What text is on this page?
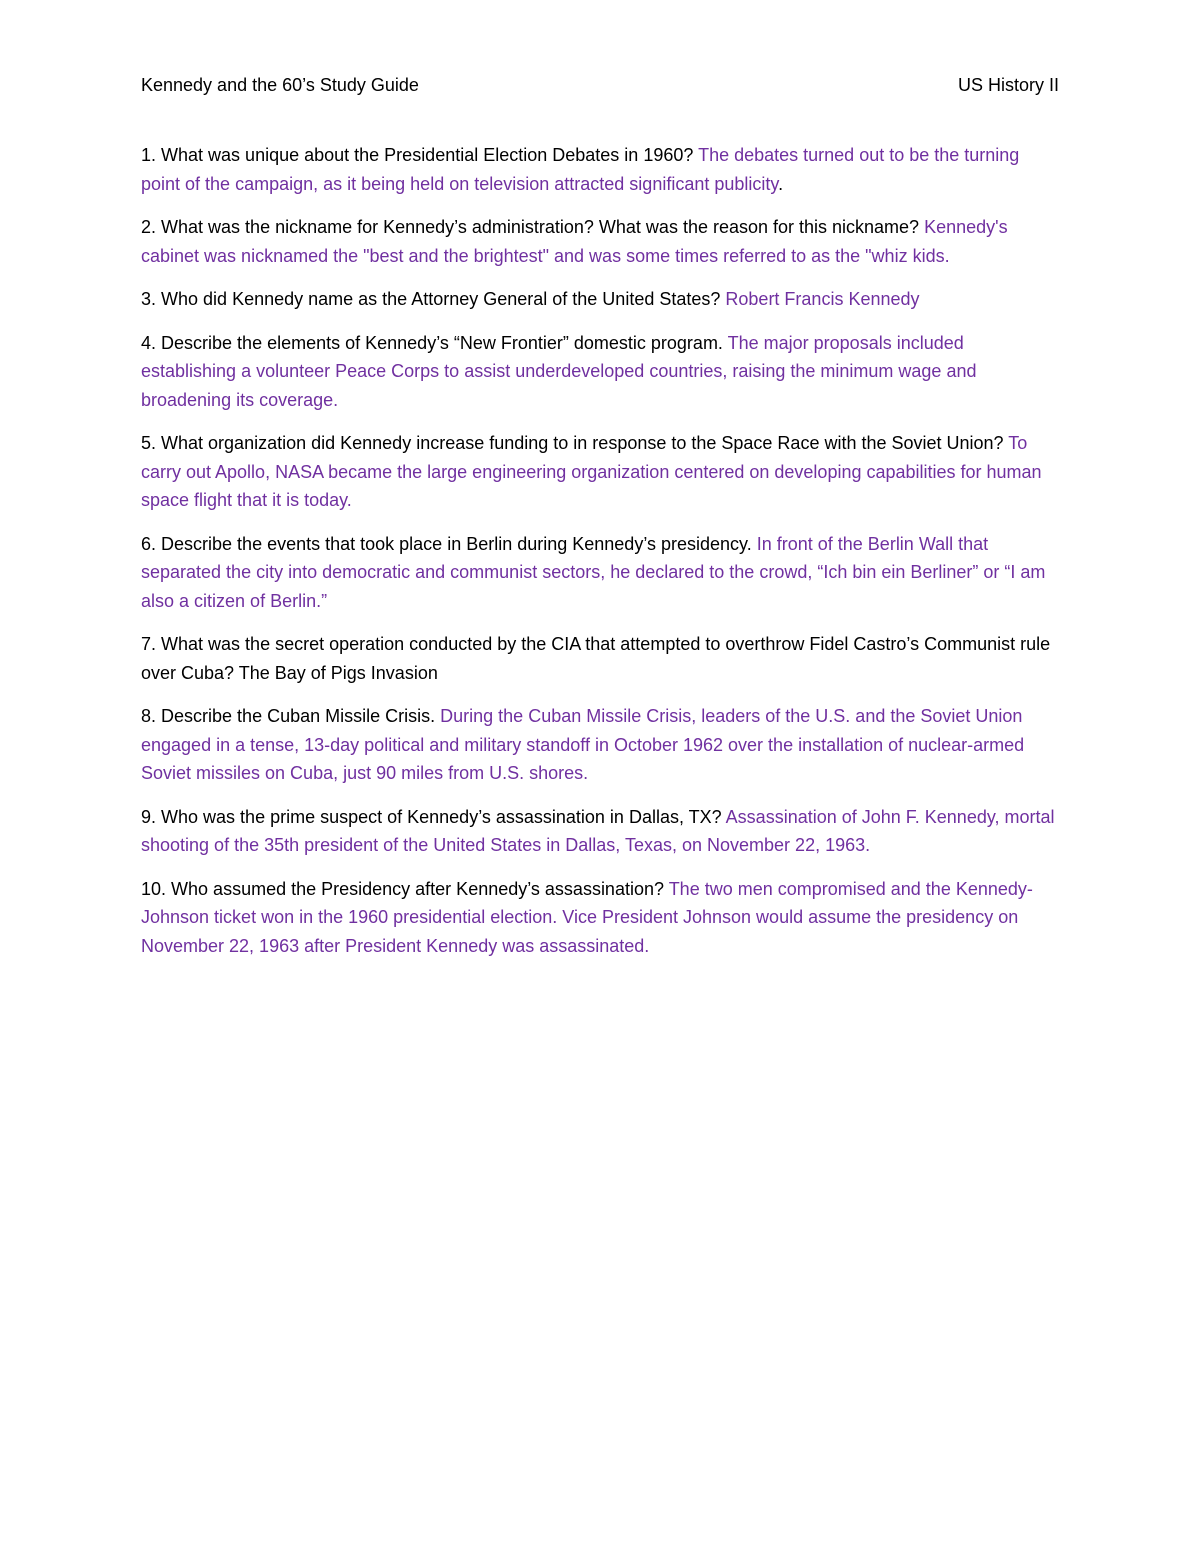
Kennedy and the 60’s Study Guide	US History II

1. What was unique about the Presidential Election Debates in 1960? The debates turned out to be the turning point of the campaign, as it being held on television attracted significant publicity.

2. What was the nickname for Kennedy’s administration? What was the reason for this nickname? Kennedy's cabinet was nicknamed the "best and the brightest" and was some times referred to as the "whiz kids.

3. Who did Kennedy name as the Attorney General of the United States? Robert Francis Kennedy

4. Describe the elements of Kennedy’s “New Frontier” domestic program. The major proposals included establishing a volunteer Peace Corps to assist underdeveloped countries, raising the minimum wage and broadening its coverage.

5. What organization did Kennedy increase funding to in response to the Space Race with the Soviet Union? To carry out Apollo, NASA became the large engineering organization centered on developing capabilities for human space flight that it is today.

6. Describe the events that took place in Berlin during Kennedy’s presidency. In front of the Berlin Wall that separated the city into democratic and communist sectors, he declared to the crowd, “Ich bin ein Berliner” or “I am also a citizen of Berlin.”

7. What was the secret operation conducted by the CIA that attempted to overthrow Fidel Castro’s Communist rule over Cuba? The Bay of Pigs Invasion

8. Describe the Cuban Missile Crisis. During the Cuban Missile Crisis, leaders of the U.S. and the Soviet Union engaged in a tense, 13-day political and military standoff in October 1962 over the installation of nuclear-armed Soviet missiles on Cuba, just 90 miles from U.S. shores.

9. Who was the prime suspect of Kennedy’s assassination in Dallas, TX? Assassination of John F. Kennedy, mortal shooting of the 35th president of the United States in Dallas, Texas, on November 22, 1963.

10. Who assumed the Presidency after Kennedy’s assassination? The two men compromised and the Kennedy-Johnson ticket won in the 1960 presidential election. Vice President Johnson would assume the presidency on November 22, 1963 after President Kennedy was assassinated.
